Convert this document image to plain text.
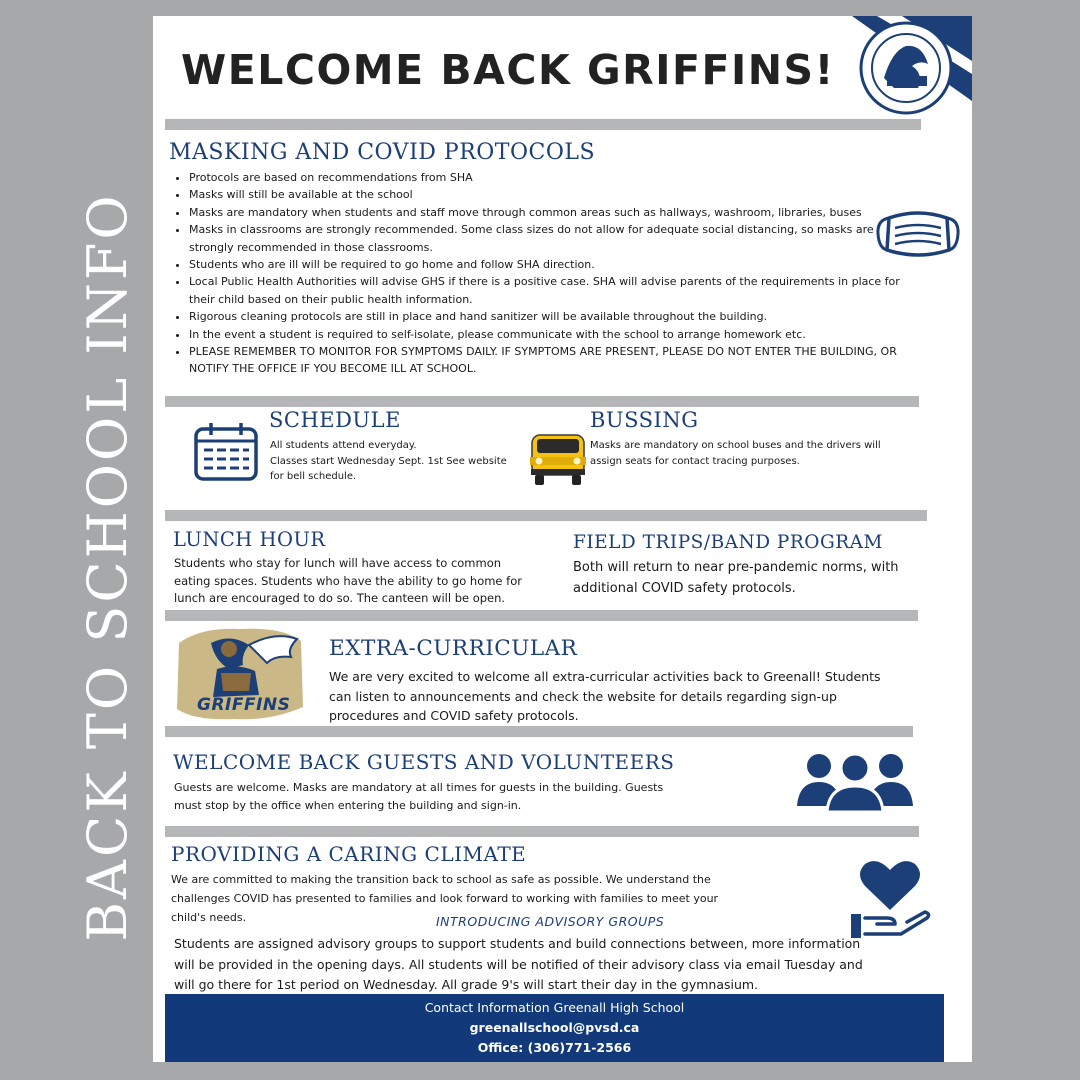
BACK TO SCHOOL INFO
WELCOME BACK GRIFFINS!
MASKING AND COVID PROTOCOLS
• Protocols are based on recommendations from SHA
• Masks will still be available at the school
• Masks are mandatory when students and staff move through common areas such as hallways, washroom, libraries, buses
• Masks in classrooms are strongly recommended. Some class sizes do not allow for adequate social distancing, so masks are strongly recommended in those classrooms.
• Students who are ill will be required to go home and follow SHA direction.
• Local Public Health Authorities will advise GHS if there is a positive case. SHA will advise parents of the requirements in place for their child based on their public health information.
• Rigorous cleaning protocols are still in place and hand sanitizer will be available throughout the building.
• In the event a student is required to self-isolate, please communicate with the school to arrange homework etc.
• PLEASE REMEMBER TO MONITOR FOR SYMPTOMS DAILY. IF SYMPTOMS ARE PRESENT, PLEASE DO NOT ENTER THE BUILDING, OR NOTIFY THE OFFICE IF YOU BECOME ILL AT SCHOOL.
SCHEDULE
All students attend everyday.
Classes start Wednesday Sept. 1st See website
for bell schedule.
BUSSING
Masks are mandatory on school buses and the drivers will
assign seats for contact tracing purposes.
LUNCH HOUR
Students who stay for lunch will have access to common
eating spaces. Students who have the ability to go home for
lunch are encouraged to do so. The canteen will be open.
FIELD TRIPS/BAND PROGRAM
Both will return to near pre-pandemic norms, with
additional COVID safety protocols.
GRIFFINS
EXTRA-CURRICULAR
We are very excited to welcome all extra-curricular activities back to Greenall! Students
can listen to announcements and check the website for details regarding sign-up
procedures and COVID safety protocols.
WELCOME BACK GUESTS AND VOLUNTEERS
Guests are welcome. Masks are mandatory at all times for guests in the building. Guests
must stop by the office when entering the building and sign-in.
PROVIDING A CARING CLIMATE
We are committed to making the transition back to school as safe as possible. We understand the
challenges COVID has presented to families and look forward to working with families to meet your
child's needs.	INTRODUCING ADVISORY GROUPS
Students are assigned advisory groups to support students and build connections between, more information
will be provided in the opening days. All students will be notified of their advisory class via email Tuesday and
will go there for 1st period on Wednesday. All grade 9's will start their day in the gymnasium.
Contact Information Greenall High School
greenallschool@pvsd.ca
Office: (306)771-2566
